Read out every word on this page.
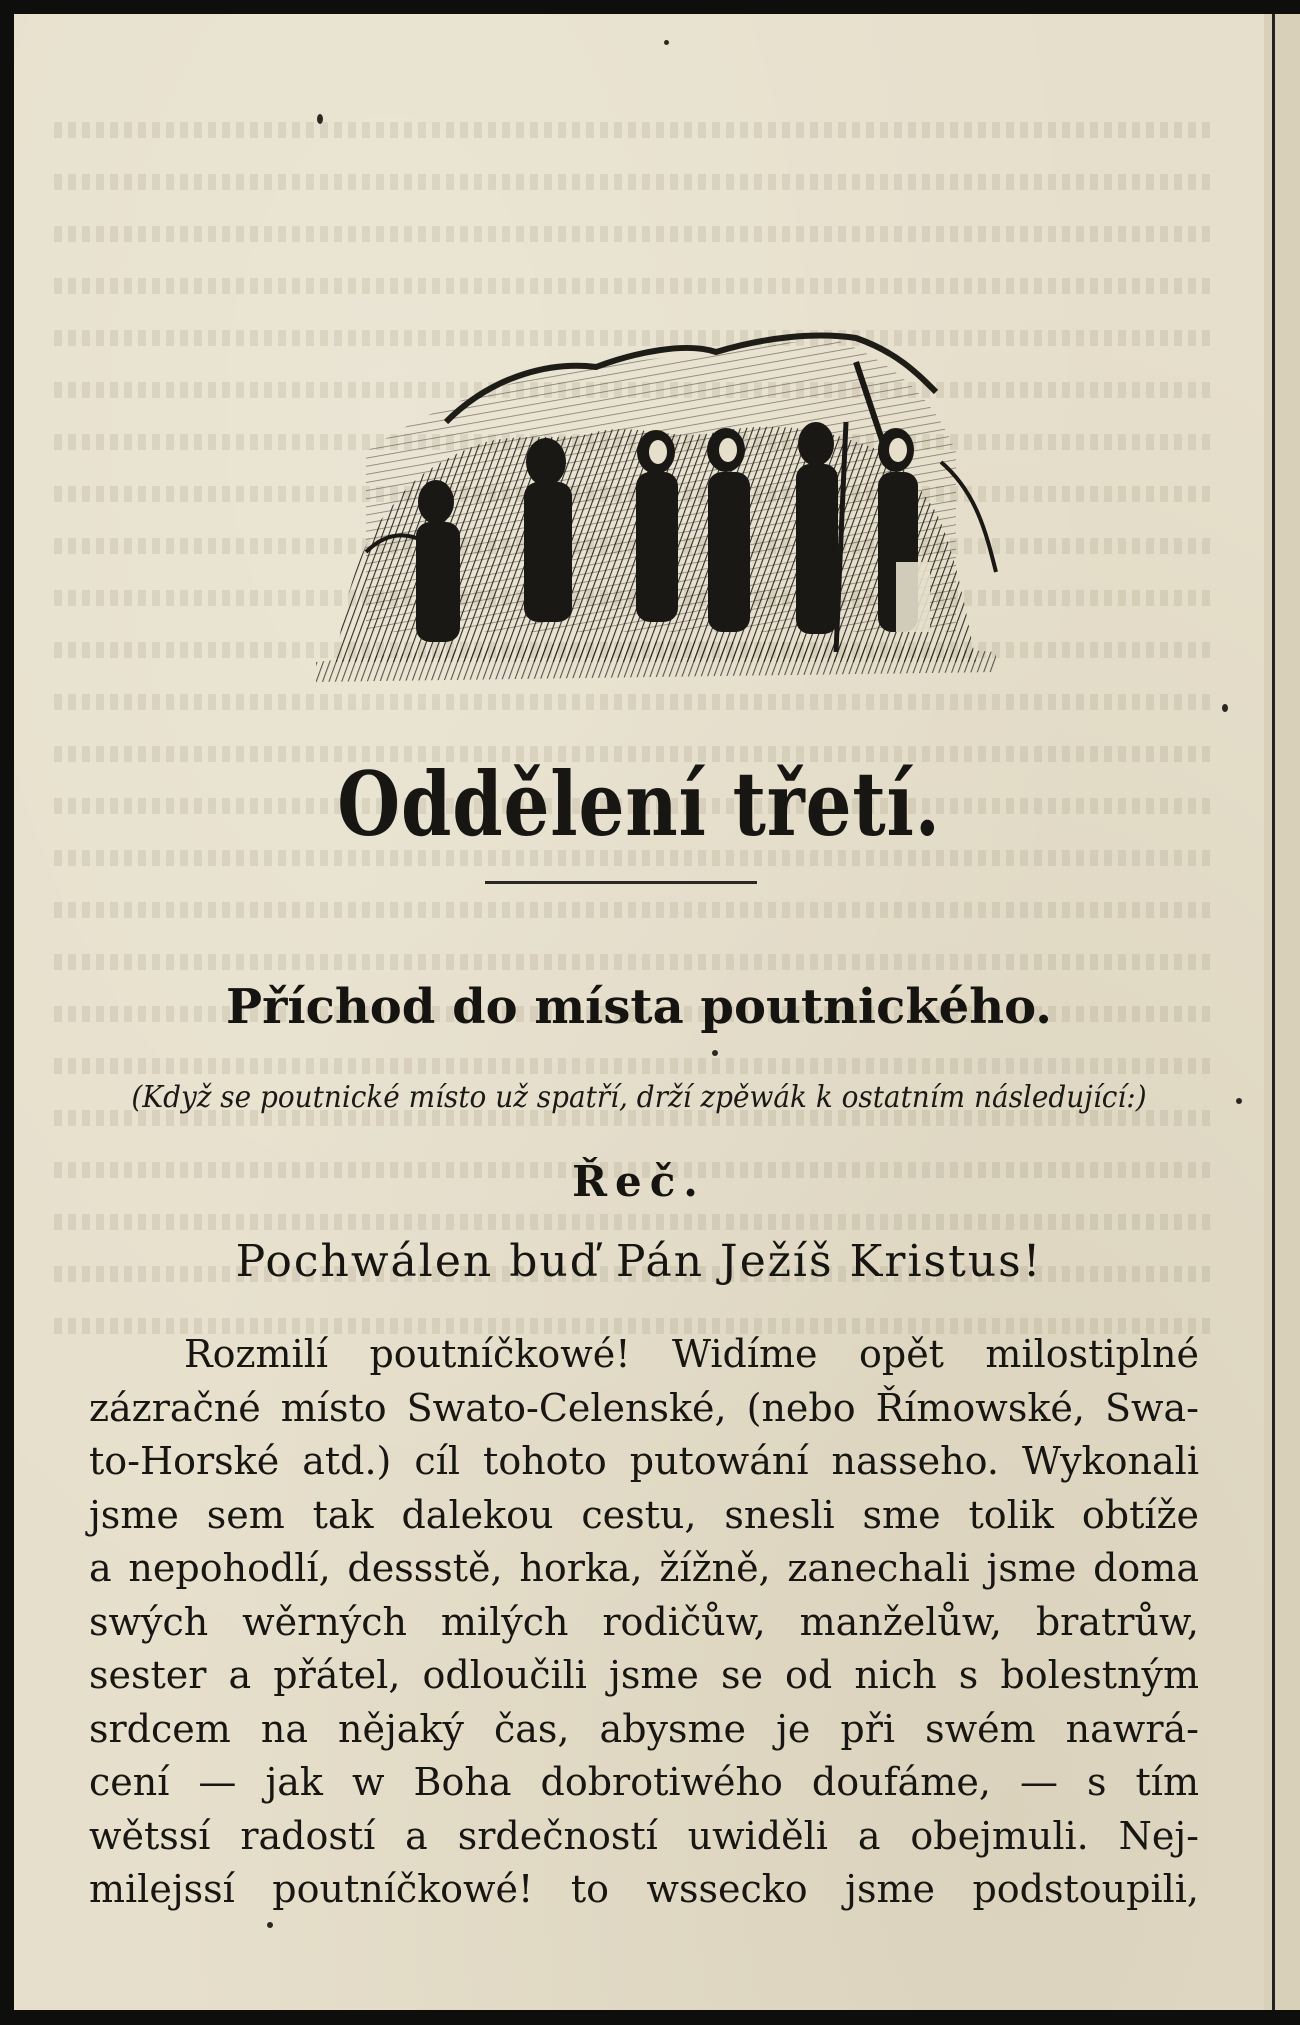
Oddělení třetí.
Příchod do místa poutnického.
(Když se poutnické místo už spatří, drží zpěwák k ostatním následující:)
Řeč.
Pochwálen buď Pán Ježíš Kristus!
Rozmilí poutníčkowé! Widíme opět milostiplné
zázračné místo Swato-Celenské, (nebo Římowské, Swa-
to-Horské atd.) cíl tohoto putowání nasseho. Wykonali
jsme sem tak dalekou cestu, snesli sme tolik obtíže
a nepohodlí, dessstě, horka, žížně, zanechali jsme doma
swých wěrných milých rodičůw, manželůw, bratrůw,
sester a přátel, odloučili jsme se od nich s bolestným
srdcem na nějaký čas, abysme je při swém nawrá-
cení — jak w Boha dobrotiwého doufáme, — s tím
wětssí radostí a srdečností uwiděli a obejmuli. Nej-
milejssí poutníčkowé! to wssecko jsme podstoupili,
